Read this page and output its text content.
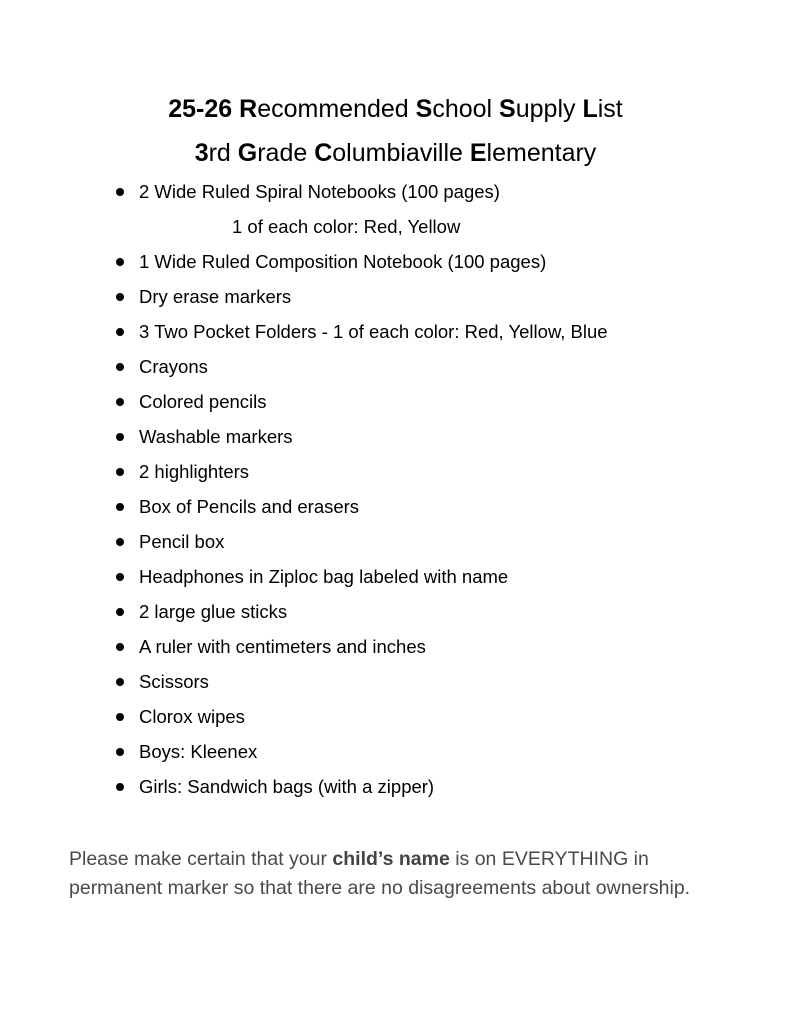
25-26 Recommended School Supply List
3rd Grade Columbiaville Elementary
2 Wide Ruled Spiral Notebooks (100 pages)
1 of each color: Red, Yellow
1 Wide Ruled Composition Notebook (100 pages)
Dry erase markers
3 Two Pocket Folders - 1 of each color: Red, Yellow, Blue
Crayons
Colored pencils
Washable markers
2 highlighters
Box of Pencils and erasers
Pencil box
Headphones in Ziploc bag labeled with name
2 large glue sticks
A ruler with centimeters and inches
Scissors
Clorox wipes
Boys: Kleenex
Girls: Sandwich bags (with a zipper)
Please make certain that your child’s name is on EVERYTHING in permanent marker so that there are no disagreements about ownership.
